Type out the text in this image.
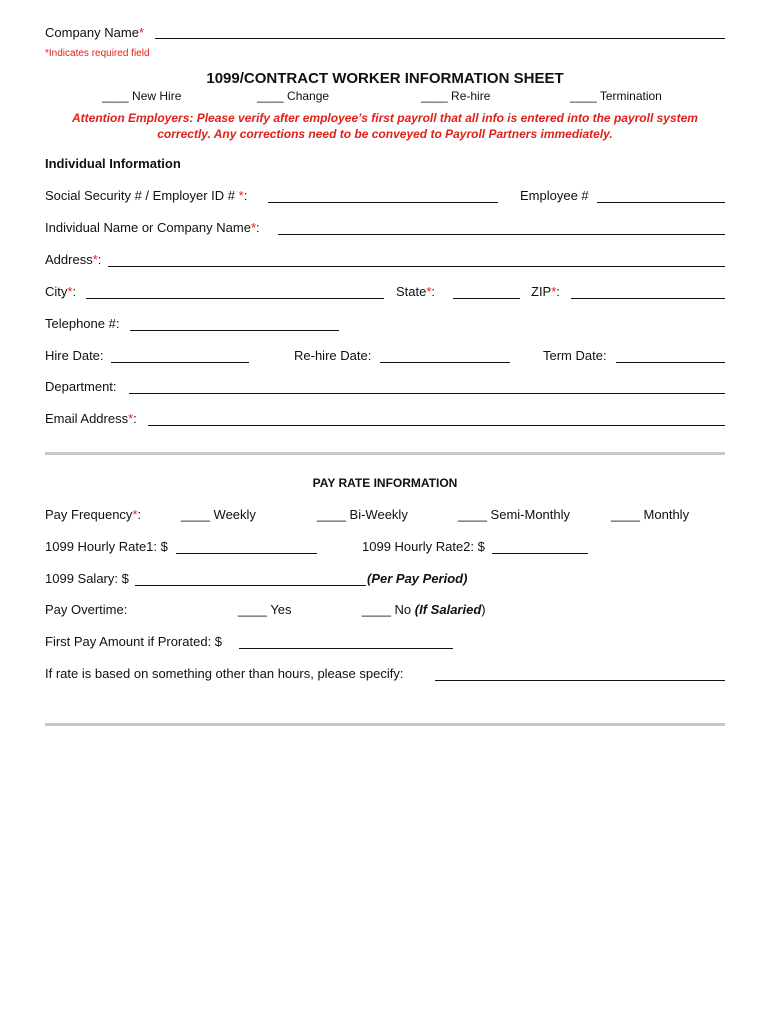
Company Name*
*Indicates required field
1099/CONTRACT WORKER INFORMATION SHEET
____ New Hire	____ Change	____ Re-hire	____ Termination
Attention Employers: Please verify after employee’s first payroll that all info is entered into the payroll system
correctly. Any corrections need to be conveyed to Payroll Partners immediately.
Individual Information
Social Security # / Employer ID # *:	Employee #
Individual Name or Company Name*:
Address*:
City*:	State*:	ZIP*:
Telephone #:
Hire Date:	Re-hire Date:	Term Date:
Department:
Email Address*:
PAY RATE INFORMATION
Pay Frequency*:	____ Weekly	____ Bi-Weekly	____ Semi-Monthly	____ Monthly
1099 Hourly Rate1: $	1099 Hourly Rate2: $
1099 Salary: $	(Per Pay Period)
Pay Overtime:	____ Yes	____ No (If Salaried)
First Pay Amount if Prorated: $
If rate is based on something other than hours, please specify:
